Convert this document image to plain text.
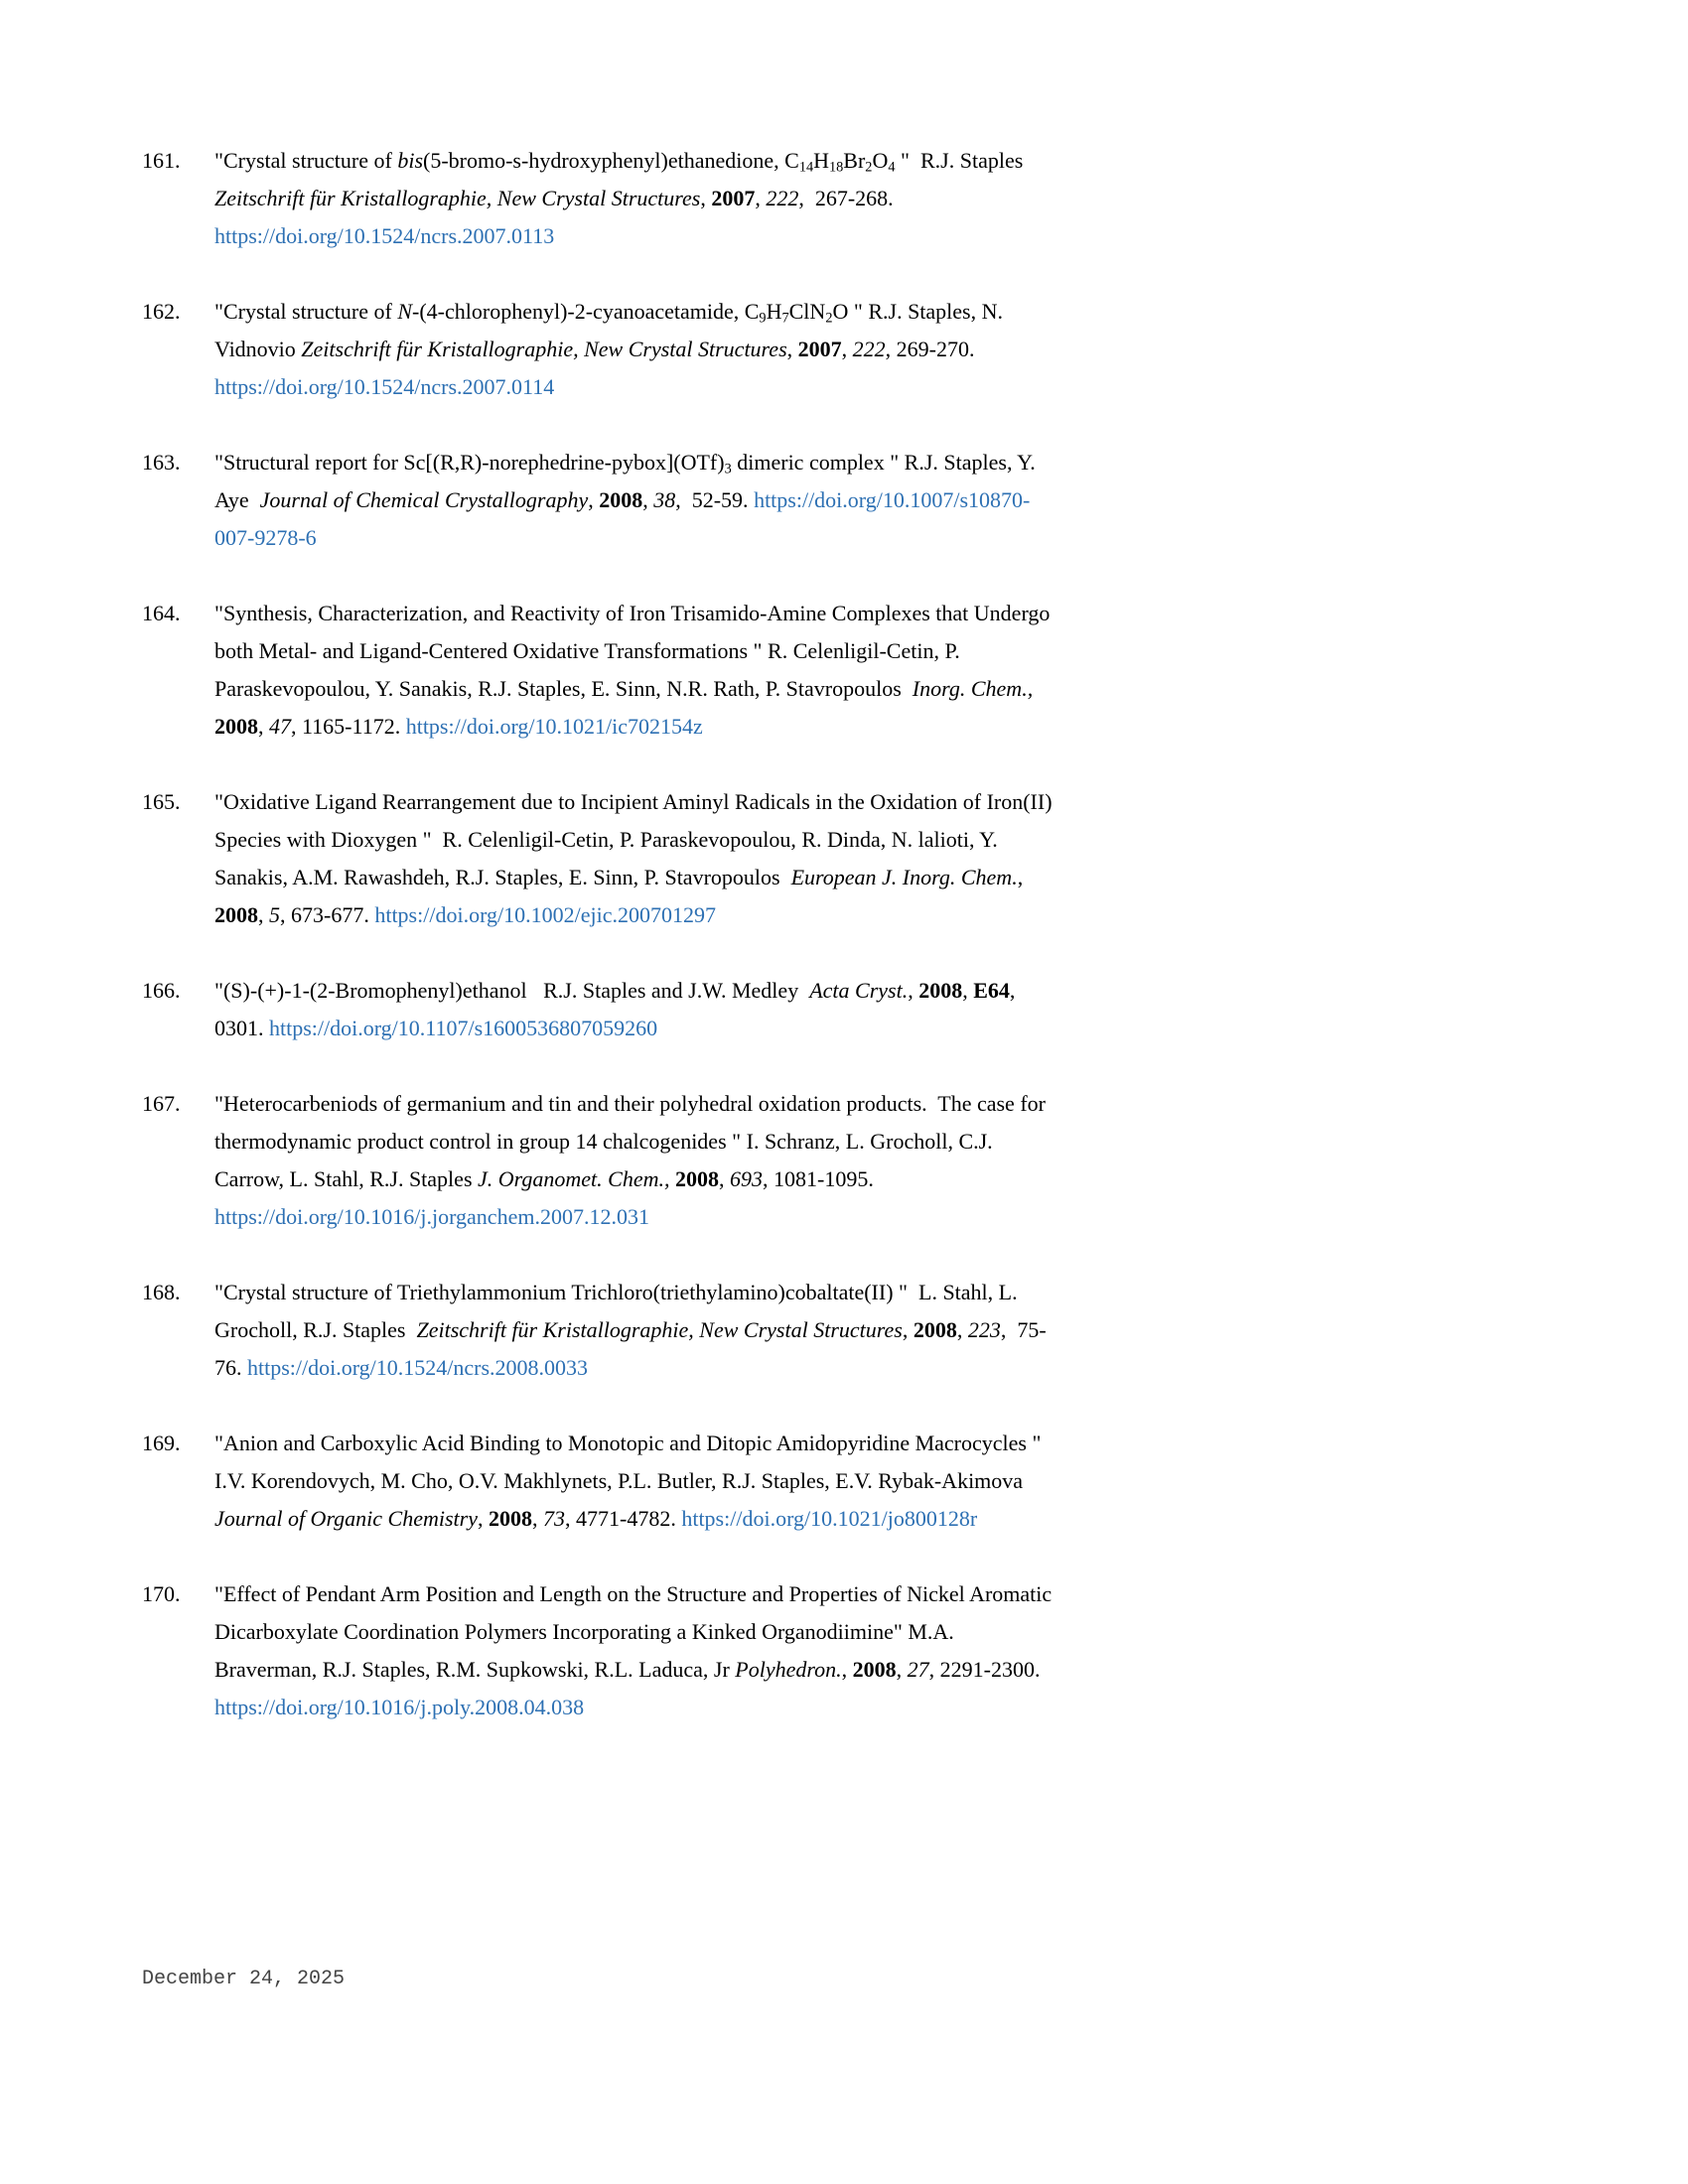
161.	"Crystal structure of bis(5-bromo-s-hydroxyphenyl)ethanedione, $C_{14}H_{18}Br_2O_4$ "  R.J. Staples  Zeitschrift für Kristallographie, New Crystal Structures, 2007, 222,  267-268. https://doi.org/10.1524/ncrs.2007.0113
162.	"Crystal structure of N-(4-chlorophenyl)-2-cyanoacetamide, $C_9H_7ClN_2O$ " R.J. Staples, N. Vidnovio Zeitschrift für Kristallographie, New Crystal Structures, 2007, 222, 269-270. https://doi.org/10.1524/ncrs.2007.0114
163.	"Structural report for $Sc[(R,R)-norephedrine-pybox](OTf)_3$ dimeric complex " R.J. Staples, Y. Aye  Journal of Chemical Crystallography, 2008, 38,  52-59. https://doi.org/10.1007/s10870-007-9278-6
164.	"Synthesis, Characterization, and Reactivity of Iron Trisamido-Amine Complexes that Undergo both Metal- and Ligand-Centered Oxidative Transformations " R. Celenligil-Cetin, P. Paraskevopoulou, Y. Sanakis, R.J. Staples, E. Sinn, N.R. Rath, P. Stavropoulos  Inorg. Chem., 2008, 47, 1165-1172. https://doi.org/10.1021/ic702154z
165.	"Oxidative Ligand Rearrangement due to Incipient Aminyl Radicals in the Oxidation of Iron(II) Species with Dioxygen "  R. Celenligil-Cetin, P. Paraskevopoulou, R. Dinda, N. lalioti, Y. Sanakis, A.M. Rawashdeh, R.J. Staples, E. Sinn, P. Stavropoulos  European J. Inorg. Chem., 2008, 5, 673-677. https://doi.org/10.1002/ejic.200701297
166.	"(S)-(+)-1-(2-Bromophenyl)ethanol   R.J. Staples and J.W. Medley  Acta Cryst., 2008, E64,  0301. https://doi.org/10.1107/s1600536807059260
167.	"Heterocarbeniods of germanium and tin and their polyhedral oxidation products.  The case for thermodynamic product control in group 14 chalcogenides " I. Schranz, L. Grocholl, C.J. Carrow, L. Stahl, R.J. Staples J. Organomet. Chem., 2008, 693, 1081-1095. https://doi.org/10.1016/j.jorganchem.2007.12.031
168.	"Crystal structure of Triethylammonium Trichloro(triethylamino)cobaltate(II) "  L. Stahl, L. Grocholl, R.J. Staples  Zeitschrift für Kristallographie, New Crystal Structures, 2008, 223,  75-76. https://doi.org/10.1524/ncrs.2008.0033
169.	"Anion and Carboxylic Acid Binding to Monotopic and Ditopic Amidopyridine Macrocycles " I.V. Korendovych, M. Cho, O.V. Makhlynets, P.L. Butler, R.J. Staples, E.V. Rybak-Akimova Journal of Organic Chemistry, 2008, 73, 4771-4782. https://doi.org/10.1021/jo800128r
170.	"Effect of Pendant Arm Position and Length on the Structure and Properties of Nickel Aromatic Dicarboxylate Coordination Polymers Incorporating a Kinked Organodiimine" M.A. Braverman, R.J. Staples, R.M. Supkowski, R.L. Laduca, Jr Polyhedron., 2008, 27, 2291-2300. https://doi.org/10.1016/j.poly.2008.04.038
December 24, 2025
